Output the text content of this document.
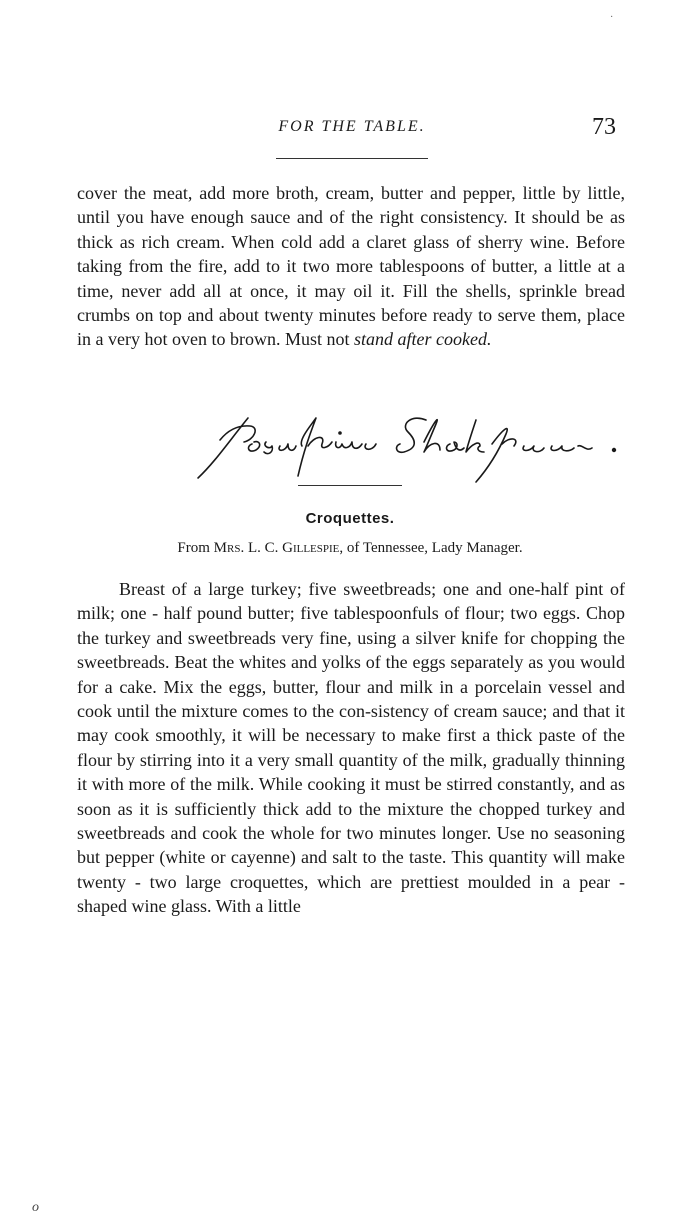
·
FOR THE TABLE.	73

cover the meat, add more broth, cream, butter and pepper, little by little, until you have enough sauce and of the right consistency. It should be as thick as rich cream. When cold add a claret glass of sherry wine. Before taking from the fire, add to it two more tablespoons of butter, a little at a time, never add all at once, it may oil it. Fill the shells, sprinkle bread crumbs on top and about twenty minutes before ready to serve them, place in a very hot oven to brown. Must not stand after cooked.

Croquettes.
From Mrs. L. C. Gillespie, of Tennessee, Lady Manager.

Breast of a large turkey; five sweetbreads; one and one-half pint of milk; one - half pound butter; five tablespoonfuls of flour; two eggs. Chop the turkey and sweetbreads very fine, using a silver knife for chopping the sweetbreads. Beat the whites and yolks of the eggs separately as you would for a cake. Mix the eggs, butter, flour and milk in a porcelain vessel and cook until the mixture comes to the con-sistency of cream sauce; and that it may cook smoothly, it will be necessary to make first a thick paste of the flour by stirring into it a very small quantity of the milk, gradually thinning it with more of the milk. While cooking it must be stirred constantly, and as soon as it is sufficiently thick add to the mixture the chopped turkey and sweetbreads and cook the whole for two minutes longer. Use no seasoning but pepper (white or cayenne) and salt to the taste. This quantity will make twenty - two large croquettes, which are prettiest moulded in a pear - shaped wine glass. With a little

o
